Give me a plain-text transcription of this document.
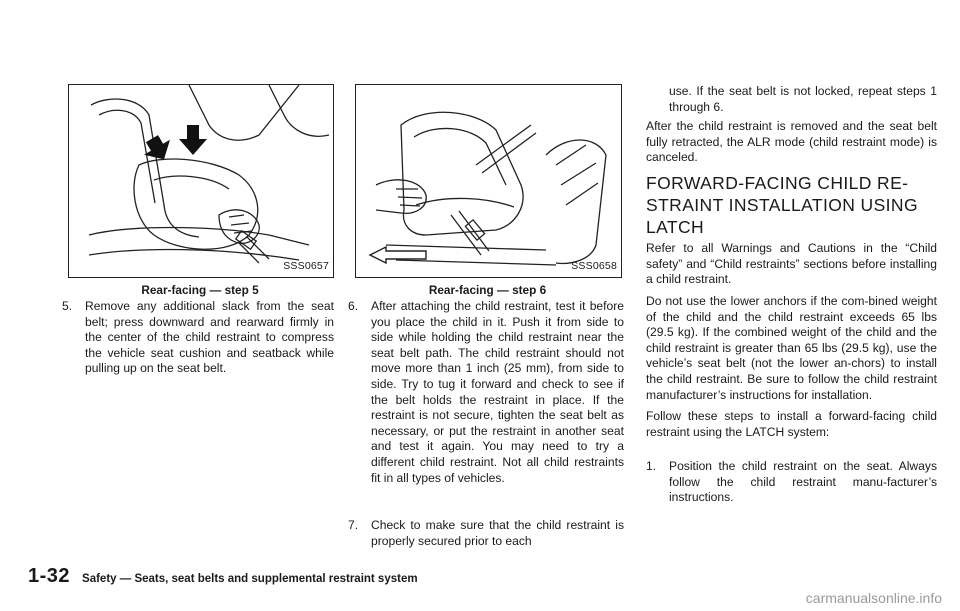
SSS0657
Rear-facing — step 5
5.	Remove any additional slack from the seat belt; press downward and rearward firmly in the center of the child restraint to compress the vehicle seat cushion and seatback while pulling up on the seat belt.
SSS0658
Rear-facing — step 6
6.	After attaching the child restraint, test it before you place the child in it. Push it from side to side while holding the child restraint near the seat belt path. The child restraint should not move more than 1 inch (25 mm), from side to side. Try to tug it forward and check to see if the belt holds the restraint in place. If the restraint is not secure, tighten the seat belt as necessary, or put the restraint in another seat and test it again. You may need to try a different child restraint. Not all child restraints fit in all types of vehicles.
7.	Check to make sure that the child restraint is properly secured prior to each
use. If the seat belt is not locked, repeat steps 1 through 6.
After the child restraint is removed and the seat belt fully retracted, the ALR mode (child restraint mode) is canceled.
FORWARD-FACING CHILD RE-STRAINT INSTALLATION USING LATCH
Refer to all Warnings and Cautions in the “Child safety” and “Child restraints” sections before installing a child restraint.
Do not use the lower anchors if the com-bined weight of the child and the child restraint exceeds 65 lbs (29.5 kg). If the combined weight of the child and the child restraint is greater than 65 lbs (29.5 kg), use the vehicle’s seat belt (not the lower an-chors) to install the child restraint. Be sure to follow the child restraint manufacturer’s instructions for installation.
Follow these steps to install a forward-facing child restraint using the LATCH system:
1.	Position the child restraint on the seat. Always follow the child restraint manu-facturer’s instructions.
1-32 Safety — Seats, seat belts and supplemental restraint system
carmanualsonline.info
